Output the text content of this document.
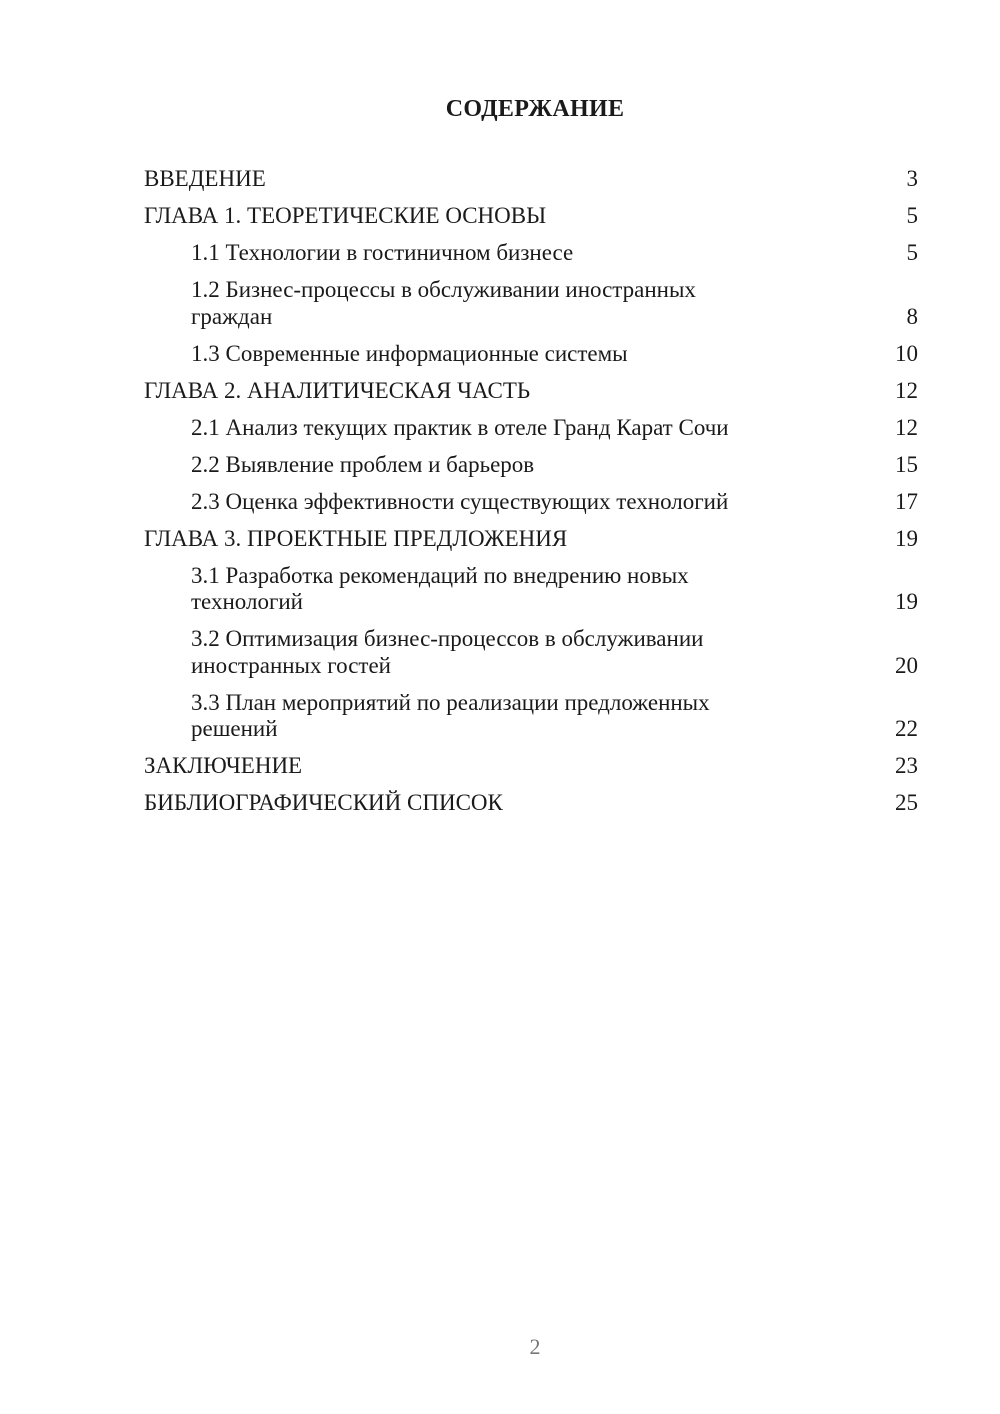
СОДЕРЖАНИЕ
ВВЕДЕНИЕ	3
ГЛАВА 1. ТЕОРЕТИЧЕСКИЕ ОСНОВЫ	5
1.1 Технологии в гостиничном бизнесе	5
1.2 Бизнес-процессы в обслуживании иностранных граждан	8
1.3 Современные информационные системы	10
ГЛАВА 2. АНАЛИТИЧЕСКАЯ ЧАСТЬ	12
2.1 Анализ текущих практик в отеле Гранд Карат Сочи	12
2.2 Выявление проблем и барьеров	15
2.3 Оценка эффективности существующих технологий	17
ГЛАВА 3. ПРОЕКТНЫЕ ПРЕДЛОЖЕНИЯ	19
3.1 Разработка рекомендаций по внедрению новых технологий	19
3.2 Оптимизация бизнес-процессов в обслуживании иностранных гостей	20
3.3 План мероприятий по реализации предложенных решений	22
ЗАКЛЮЧЕНИЕ	23
БИБЛИОГРАФИЧЕСКИЙ СПИСОК	25
2
